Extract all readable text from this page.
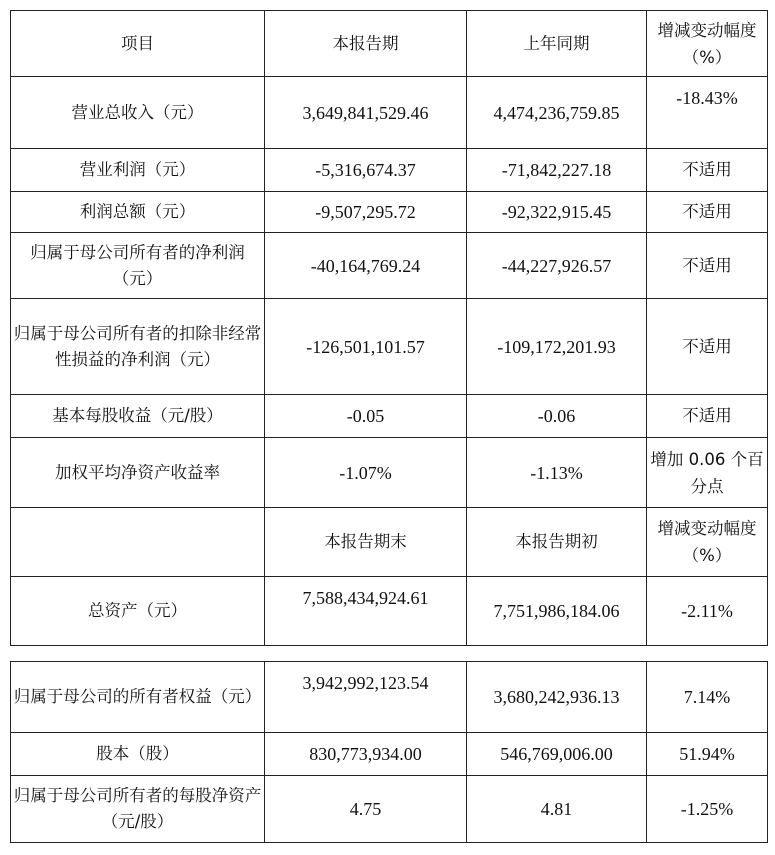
项目	本报告期	上年同期	增减变动幅度（%）
营业总收入（元）	3,649,841,529.46	4,474,236,759.85	-18.43%
营业利润（元）	-5,316,674.37	-71,842,227.18	不适用
利润总额（元）	-9,507,295.72	-92,322,915.45	不适用
归属于母公司所有者的净利润（元）	-40,164,769.24	-44,227,926.57	不适用
归属于母公司所有者的扣除非经常性损益的净利润（元）	-126,501,101.57	-109,172,201.93	不适用
基本每股收益（元/股）	-0.05	-0.06	不适用
加权平均净资产收益率	-1.07%	-1.13%	增加 0.06 个百分点
	本报告期末	本报告期初	增减变动幅度（%）
总资产（元）	7,588,434,924.61	7,751,986,184.06	-2.11%
归属于母公司的所有者权益（元）	3,942,992,123.54	3,680,242,936.13	7.14%
股本（股）	830,773,934.00	546,769,006.00	51.94%
归属于母公司所有者的每股净资产（元/股）	4.75	4.81	-1.25%
